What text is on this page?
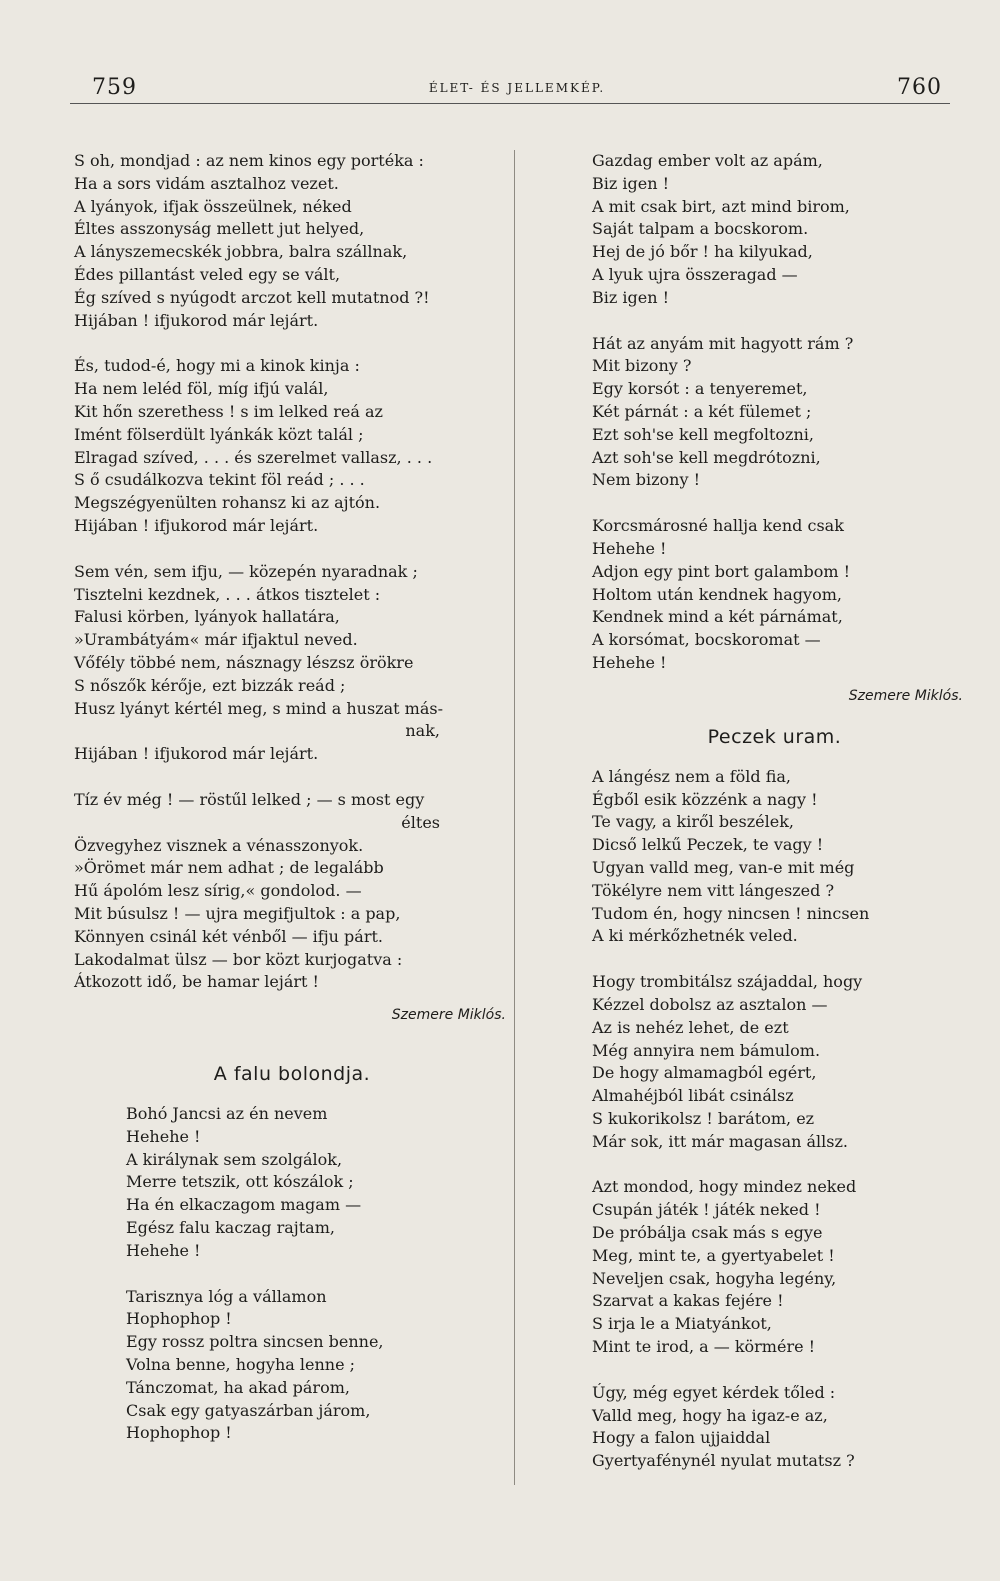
759	ÉLET- ÉS JELLEMKÉP.	760
S oh, mondjad : az nem kinos egy portéka :
Ha a sors vidám asztalhoz vezet.
A lyányok, ifjak összeülnek, néked
Éltes asszonyság mellett jut helyed,
A lányszemecskék jobbra, balra szállnak,
Édes pillantást veled egy se vált,
Ég szíved s nyúgodt arczot kell mutatnod ?!
Hijában ! ifjukorod már lejárt.
És, tudod-é, hogy mi a kinok kinja :
Ha nem leléd föl, míg ifjú valál,
Kit hőn szerethess ! s im lelked reá az
Imént fölserdült lyánkák közt talál ;
Elragad szíved, . . . és szerelmet vallasz, . . .
S ő csudálkozva tekint föl reád ; . . .
Megszégyenülten rohansz ki az ajtón.
Hijában ! ifjukorod már lejárt.
Sem vén, sem ifju, — közepén nyaradnak ;
Tisztelni kezdnek, . . . átkos tisztelet :
Falusi körben, lyányok hallatára,
»Urambátyám« már ifjaktul neved.
Vőfély többé nem, násznagy lészsz örökre
S nőszők kérője, ezt bizzák reád ;
Husz lyányt kértél meg, s mind a huszat más-
nak,
Hijában ! ifjukorod már lejárt.
Tíz év még ! — röstűl lelked ; — s most egy
éltes
Özvegyhez visznek a vénasszonyok.
»Örömet már nem adhat ; de legalább
Hű ápolóm lesz sírig,« gondolod. —
Mit búsulsz ! — ujra megifjultok : a pap,
Könnyen csinál két vénből — ifju párt.
Lakodalmat ülsz — bor közt kurjogatva :
Átkozott idő, be hamar lejárt !
Szemere Miklós.
A falu bolondja.
Bohó Jancsi az én nevem
Hehehe !
A királynak sem szolgálok,
Merre tetszik, ott kószálok ;
Ha én elkaczagom magam —
Egész falu kaczag rajtam,
Hehehe !
Tarisznya lóg a vállamon
Hophophop !
Egy rossz poltra sincsen benne,
Volna benne, hogyha lenne ;
Tánczomat, ha akad párom,
Csak egy gatyaszárban járom,
Hophophop !
Gazdag ember volt az apám,
Biz igen !
A mit csak birt, azt mind birom,
Saját talpam a bocskorom.
Hej de jó bőr ! ha kilyukad,
A lyuk ujra összeragad —
Biz igen !
Hát az anyám mit hagyott rám ?
Mit bizony ?
Egy korsót : a tenyeremet,
Két párnát : a két fülemet ;
Ezt soh'se kell megfoltozni,
Azt soh'se kell megdrótozni,
Nem bizony !
Korcsmárosné hallja kend csak
Hehehe !
Adjon egy pint bort galambom !
Holtom után kendnek hagyom,
Kendnek mind a két párnámat,
A korsómat, bocskoromat —
Hehehe !
Szemere Miklós.
Peczek uram.
A lángész nem a föld fia,
Égből esik közzénk a nagy !
Te vagy, a kiről beszélek,
Dicső lelkű Peczek, te vagy !
Ugyan valld meg, van-e mit még
Tökélyre nem vitt lángeszed ?
Tudom én, hogy nincsen ! nincsen
A ki mérkőzhetnék veled.
Hogy trombitálsz szájaddal, hogy
Kézzel dobolsz az asztalon —
Az is nehéz lehet, de ezt
Még annyira nem bámulom.
De hogy almamagból egért,
Almahéjból libát csinálsz
S kukorikolsz ! barátom, ez
Már sok, itt már magasan állsz.
Azt mondod, hogy mindez neked
Csupán játék ! játék neked !
De próbálja csak más s egye
Meg, mint te, a gyertyabelet !
Neveljen csak, hogyha legény,
Szarvat a kakas fejére !
S irja le a Miatyánkot,
Mint te irod, a — körmére !
Úgy, még egyet kérdek tőled :
Valld meg, hogy ha igaz-e az,
Hogy a falon ujjaiddal
Gyertyafénynél nyulat mutatsz ?
